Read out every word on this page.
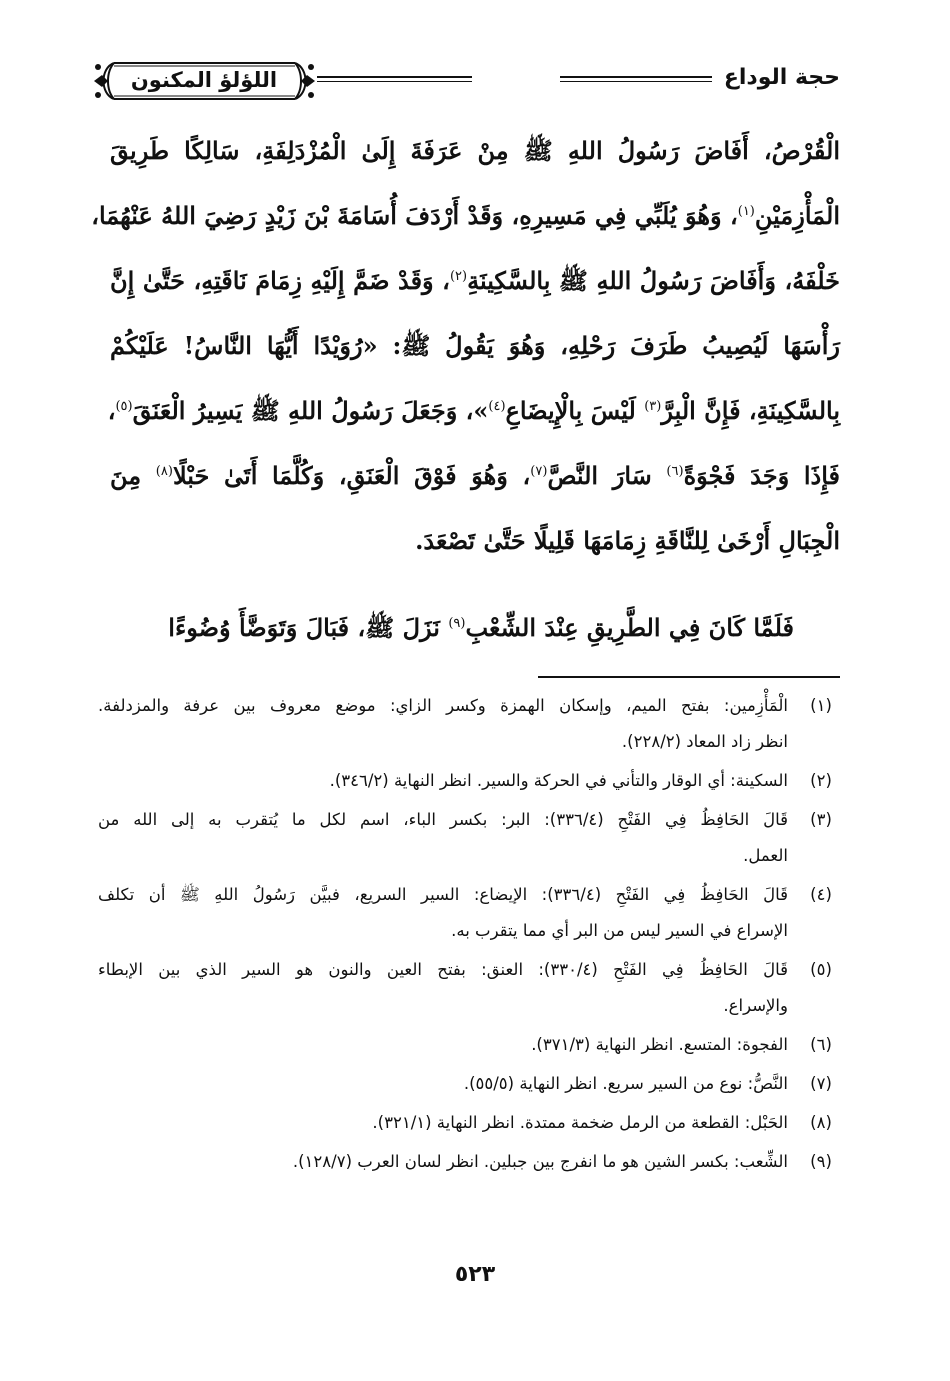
حجة الوداع
اللؤلؤ المكنون
الْقُرْصُ، أَفَاضَ رَسُولُ اللهِ ﷺ مِنْ عَرَفَةَ إِلَىٰ الْمُزْدَلِفَةِ، سَالِكًا طَرِيقَ
الْمَأْزِمَيْنِ$^{(١)}$، وَهُوَ يُلَبِّي فِي مَسِيرِهِ، وَقَدْ أَرْدَفَ أُسَامَةَ بْنَ زَيْدٍ رَضِيَ اللهُ عَنْهُمَا،
خَلْفَهُ، وَأَفَاضَ رَسُولُ اللهِ ﷺ بِالسَّكِينَةِ$^{(٢)}$، وَقَدْ ضَمَّ إِلَيْهِ زِمَامَ نَاقَتِهِ، حَتَّىٰ إِنَّ
رَأْسَهَا لَيُصِيبُ طَرَفَ رَحْلِهِ، وَهُوَ يَقُولُ ﷺ: «رُوَيْدًا أَيُّهَا النَّاسُ! عَلَيْكُمْ
بِالسَّكِينَةِ، فَإِنَّ الْبِرَّ$^{(٣)}$ لَيْسَ بِالْإِيضَاعِ$^{(٤)}$»، وَجَعَلَ رَسُولُ اللهِ ﷺ يَسِيرُ الْعَنَقَ$^{(٥)}$،
فَإِذَا وَجَدَ فَجْوَةً$^{(٦)}$ سَارَ النَّصَّ$^{(٧)}$، وَهُوَ فَوْقَ الْعَنَقِ، وَكُلَّمَا أَتَىٰ حَبْلًا$^{(٨)}$ مِنَ
الْجِبَالِ أَرْخَىٰ لِلنَّاقَةِ زِمَامَهَا قَلِيلًا حَتَّىٰ تَصْعَدَ.
فَلَمَّا كَانَ فِي الطَّرِيقِ عِنْدَ الشِّعْبِ$^{(٩)}$ نَزَلَ ﷺ، فَبَالَ وَتَوَضَّأَ وُضُوءًا
(١)
الْمَأْزِمين: بفتح الميم، وإسكان الهمزة وكسر الزاي: موضع معروف بين عرفة والمزدلفة.
انظر زاد المعاد (٢٢٨/٢).
(٢)
السكينة: أي الوقار والتأني في الحركة والسير. انظر النهاية (٣٤٦/٢).
(٣)
قَالَ الحَافِظُ فِي الفَتْحِ (٣٣٦/٤): البر: بكسر الباء، اسم لكل ما يُتقرب به إلى الله من
العمل.
(٤)
قَالَ الحَافِظُ فِي الفَتْحِ (٣٣٦/٤): الإيضاع: السير السريع، فبيَّن رَسُولُ اللهِ ﷺ أن تكلف
الإسراع في السير ليس من البر أي مما يتقرب به.
(٥)
قَالَ الحَافِظُ فِي الفَتْحِ (٣٣٠/٤): العنق: بفتح العين والنون هو السير الذي بين الإبطاء
والإسراع.
(٦)
الفجوة: المتسع. انظر النهاية (٣٧١/٣).
(٧)
النَّصُّ: نوع من السير سريع. انظر النهاية (٥٥/٥).
(٨)
الحَبْل: القطعة من الرمل ضخمة ممتدة. انظر النهاية (٣٢١/١).
(٩)
الشِّعب: بكسر الشين هو ما انفرج بين جبلين. انظر لسان العرب (١٢٨/٧).
٥٢٣
